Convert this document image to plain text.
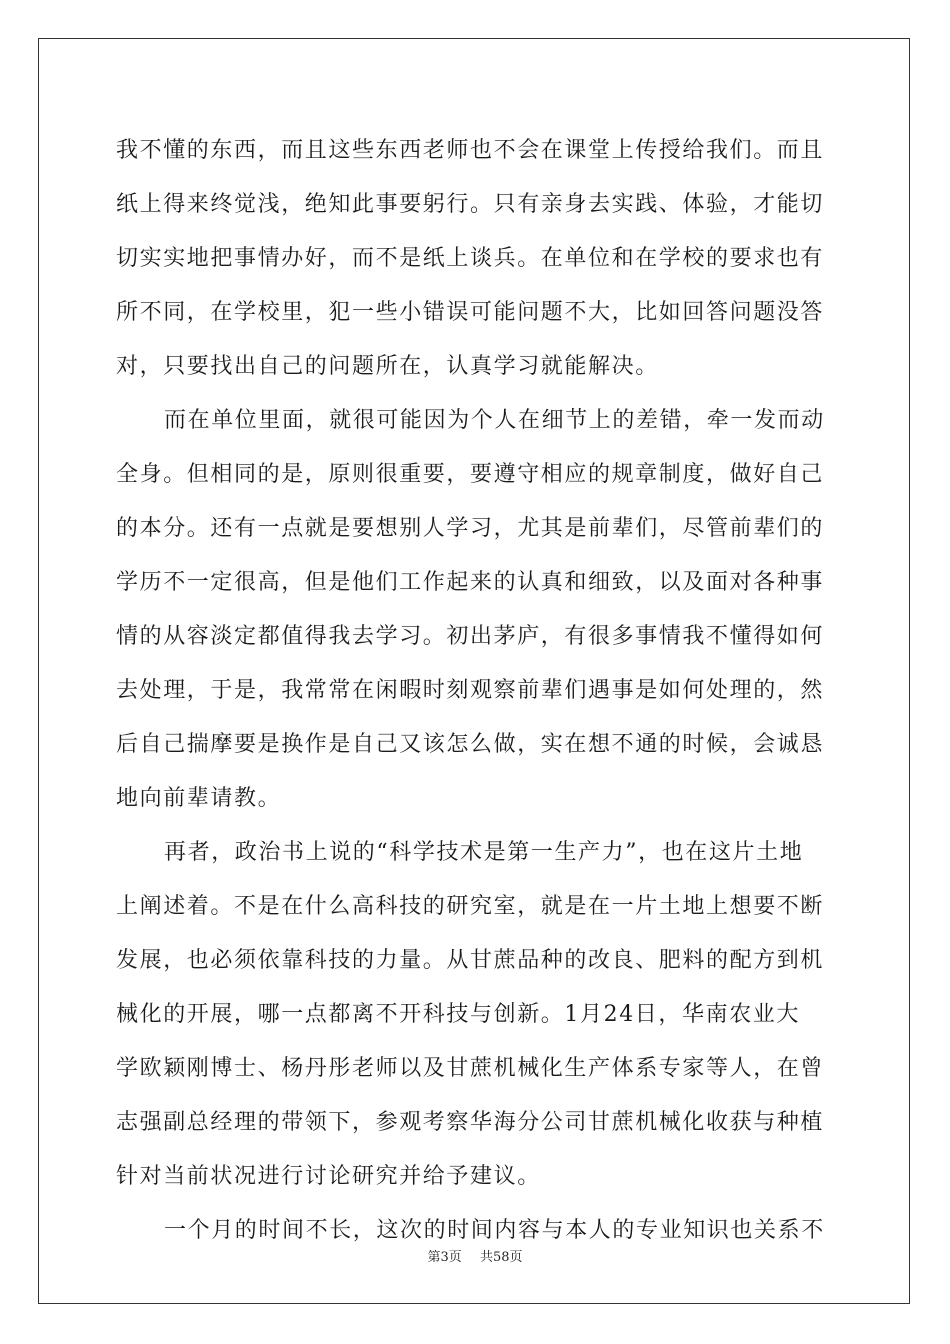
我不懂的东西，而且这些东西老师也不会在课堂上传授给我们。而且
纸上得来终觉浅，绝知此事要躬行。只有亲身去实践、体验，才能切
切实实地把事情办好，而不是纸上谈兵。在单位和在学校的要求也有
所不同，在学校里，犯一些小错误可能问题不大，比如回答问题没答
对，只要找出自己的问题所在，认真学习就能解决。
而在单位里面，就很可能因为个人在细节上的差错，牵一发而动
全身。但相同的是，原则很重要，要遵守相应的规章制度，做好自己
的本分。还有一点就是要想别人学习，尤其是前辈们，尽管前辈们的
学历不一定很高，但是他们工作起来的认真和细致，以及面对各种事
情的从容淡定都值得我去学习。初出茅庐，有很多事情我不懂得如何
去处理，于是，我常常在闲暇时刻观察前辈们遇事是如何处理的，然
后自己揣摩要是换作是自己又该怎么做，实在想不通的时候，会诚恳
地向前辈请教。
再者，政治书上说的“科学技术是第一生产力”，也在这片土地
上阐述着。不是在什么高科技的研究室，就是在一片土地上想要不断
发展，也必须依靠科技的力量。从甘蔗品种的改良、肥料的配方到机
械化的开展，哪一点都离不开科技与创新。1月24日，华南农业大
学欧颖刚博士、杨丹彤老师以及甘蔗机械化生产体系专家等人，在曾
志强副总经理的带领下，参观考察华海分公司甘蔗机械化收获与种植
针对当前状况进行讨论研究并给予建议。
一个月的时间不长，这次的时间内容与本人的专业知识也关系不
第3页 共58页
